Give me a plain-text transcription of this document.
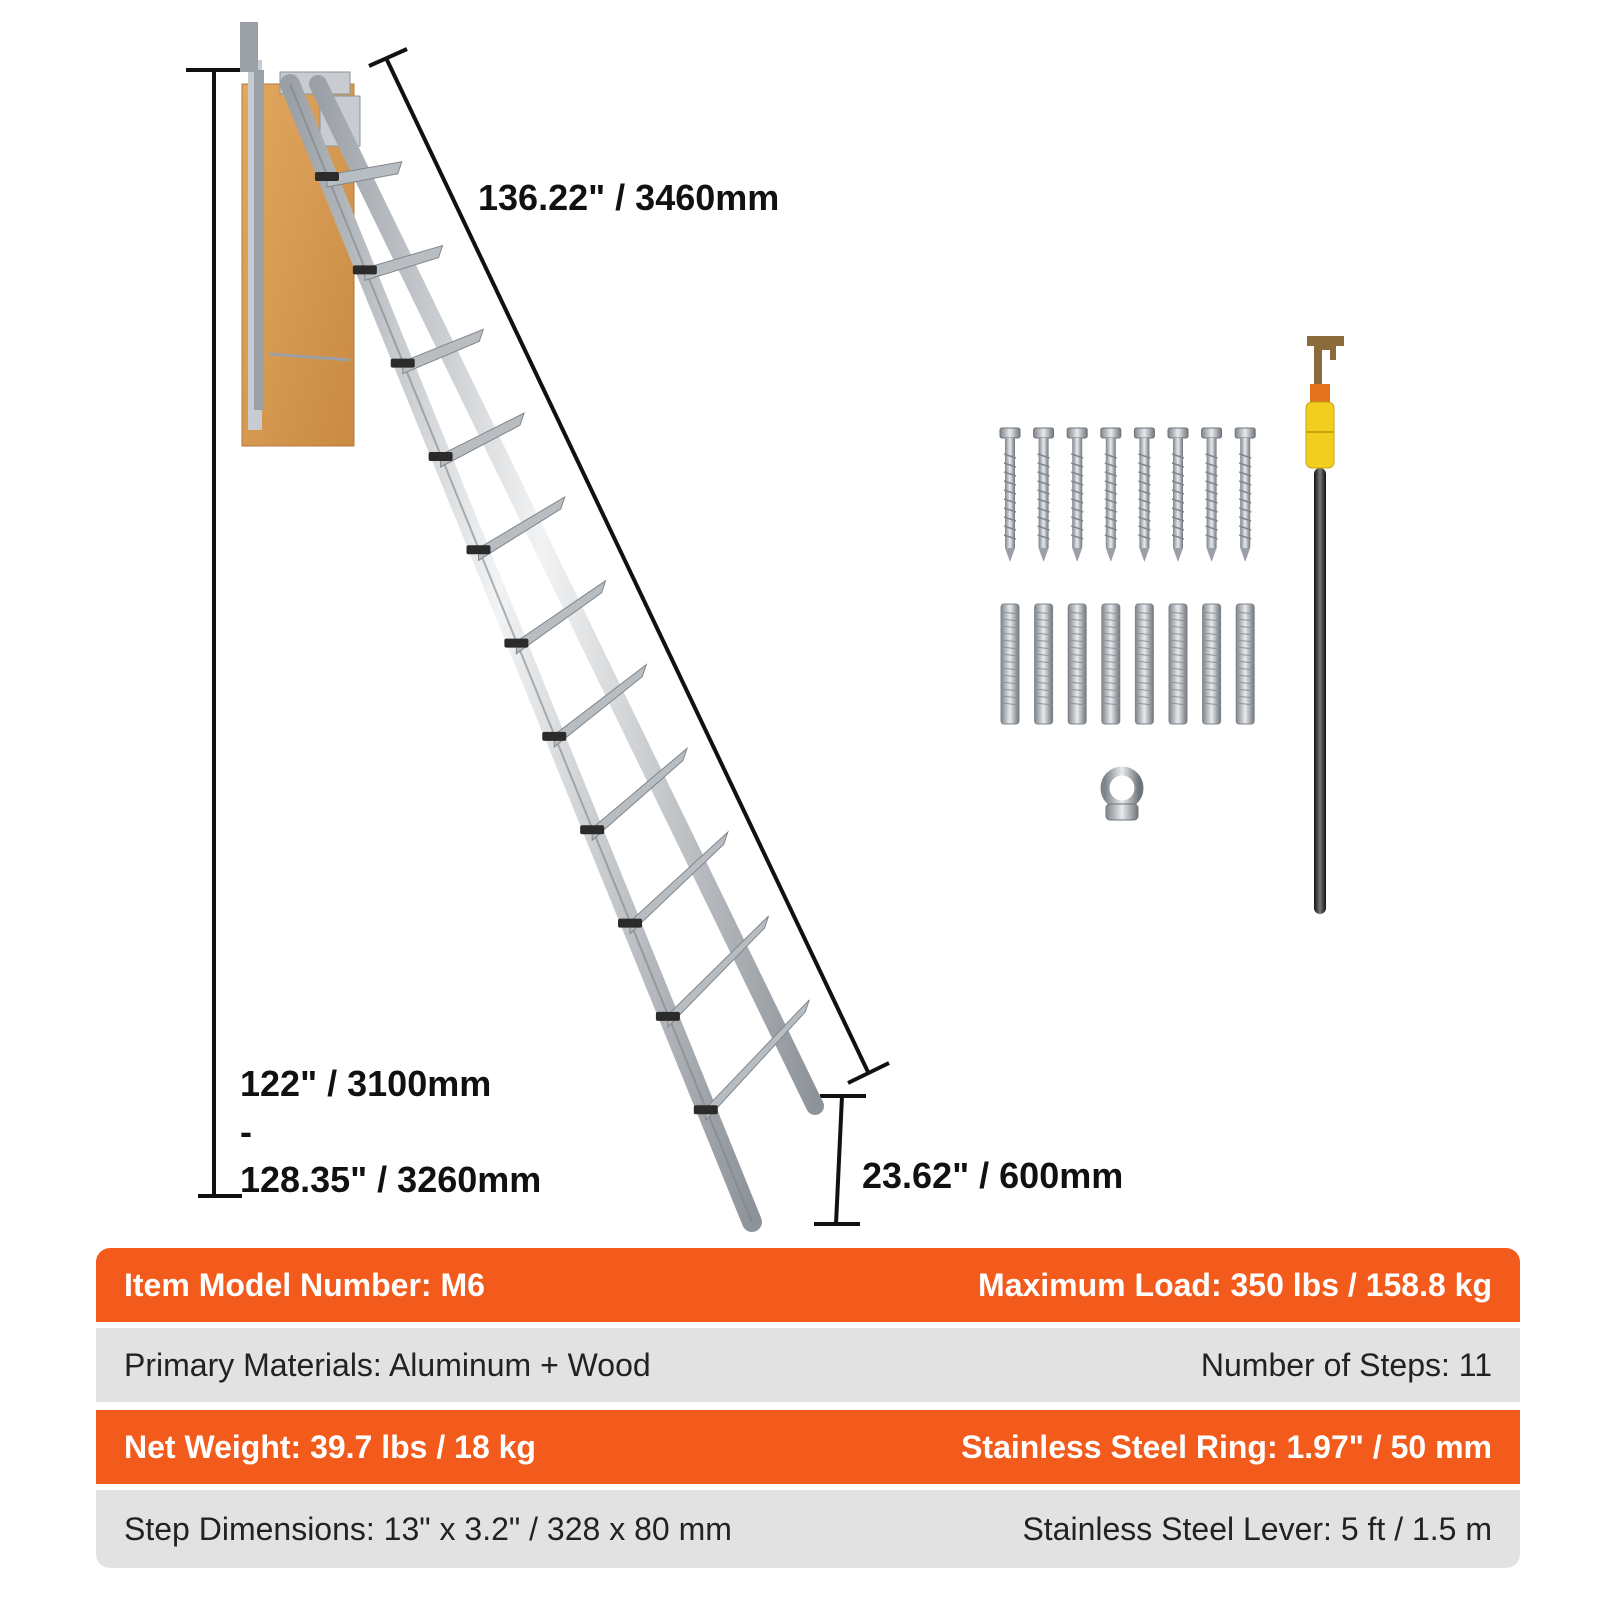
136.22" / 3460mm
122" / 3100mm
-
128.35" / 3260mm	23.62" / 600mm
Item Model Number: M6	Maximum Load: 350 lbs / 158.8 kg
Primary Materials: Aluminum + Wood	Number of Steps: 11
Net Weight: 39.7 lbs / 18 kg	Stainless Steel Ring: 1.97" / 50 mm
Step Dimensions: 13" x 3.2" / 328 x 80 mm	Stainless Steel Lever: 5 ft / 1.5 m
